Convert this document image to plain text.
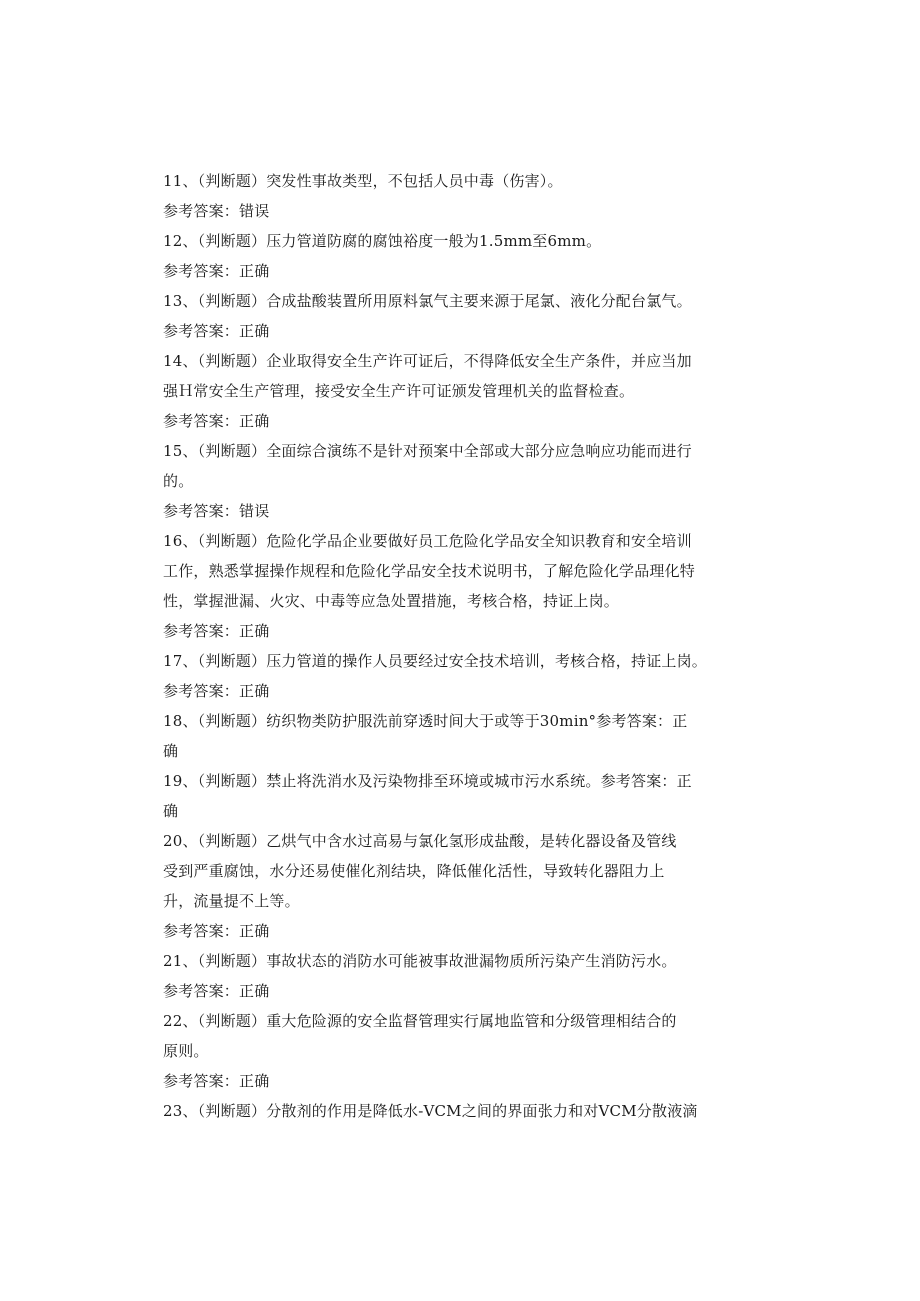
11、（判断题）突发性事故类型，不包括人员中毒（伤害）。
参考答案：错误
12、（判断题）压力管道防腐的腐蚀裕度一般为1.5mm至6mm。
参考答案：正确
13、（判断题）合成盐酸装置所用原料氯气主要来源于尾氯、液化分配台氯气。
参考答案：正确
14、（判断题）企业取得安全生产许可证后，不得降低安全生产条件，并应当加
强Ｈ常安全生产管理，接受安全生产许可证颁发管理机关的监督检查。
参考答案：正确
15、（判断题）全面综合演练不是针对预案中全部或大部分应急响应功能而进行
的。
参考答案：错误
16、（判断题）危险化学品企业要做好员工危险化学品安全知识教育和安全培训
工作，熟悉掌握操作规程和危险化学品安全技术说明书，了解危险化学品理化特
性，掌握泄漏、火灾、中毒等应急处置措施，考核合格，持证上岗。
参考答案：正确
17、（判断题）压力管道的操作人员要经过安全技术培训，考核合格，持证上岗。
参考答案：正确
18、（判断题）纺织物类防护服洗前穿透时间大于或等于30min°参考答案：正
确
19、（判断题）禁止将洗消水及污染物排至环境或城市污水系统。参考答案：正
确
20、（判断题）乙烘气中含水过高易与氯化氢形成盐酸，是转化器设备及管线
受到严重腐蚀，水分还易使催化剂结块，降低催化活性，导致转化器阻力上
升，流量提不上等。
参考答案：正确
21、（判断题）事故状态的消防水可能被事故泄漏物质所污染产生消防污水。
参考答案：正确
22、（判断题）重大危险源的安全监督管理实行属地监管和分级管理相结合的
原则。
参考答案：正确
23、（判断题）分散剂的作用是降低水-VCM之间的界面张力和对VCM分散液滴
